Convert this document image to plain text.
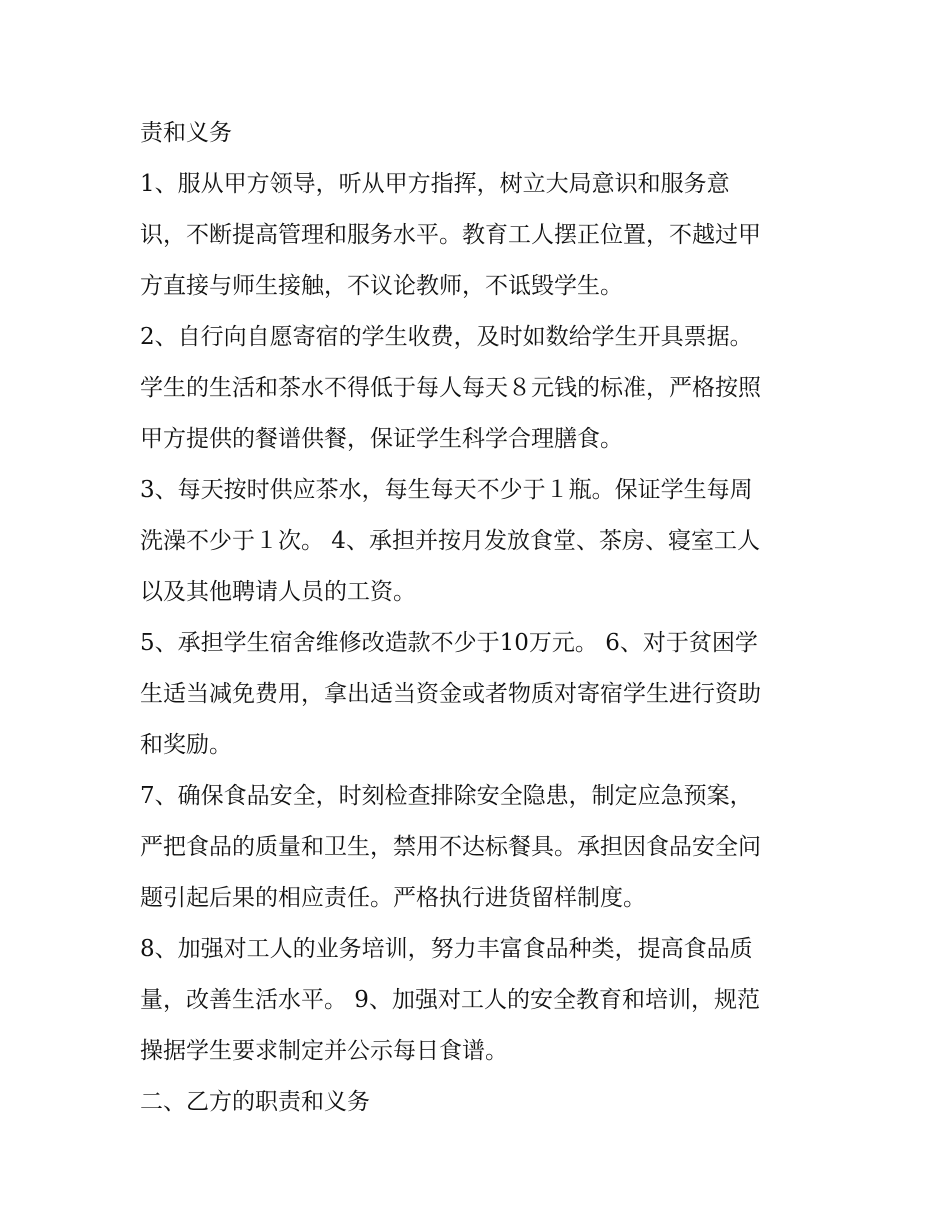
责和义务
1、服从甲方领导，听从甲方指挥，树立大局意识和服务意
识，不断提高管理和服务水平。教育工人摆正位置，不越过甲
方直接与师生接触，不议论教师，不诋毁学生。
2、自行向自愿寄宿的学生收费，及时如数给学生开具票据。
学生的生活和茶水不得低于每人每天８元钱的标准，严格按照
甲方提供的餐谱供餐，保证学生科学合理膳食。
3、每天按时供应茶水，每生每天不少于１瓶。保证学生每周
洗澡不少于１次。 4、承担并按月发放食堂、茶房、寝室工人
以及其他聘请人员的工资。
5、承担学生宿舍维修改造款不少于10万元。 6、对于贫困学
生适当减免费用，拿出适当资金或者物质对寄宿学生进行资助
和奖励。
7、确保食品安全，时刻检查排除安全隐患，制定应急预案，
严把食品的质量和卫生，禁用不达标餐具。承担因食品安全问
题引起后果的相应责任。严格执行进货留样制度。
8、加强对工人的业务培训，努力丰富食品种类，提高食品质
量，改善生活水平。 9、加强对工人的安全教育和培训，规范
操据学生要求制定并公示每日食谱。
二、乙方的职责和义务
